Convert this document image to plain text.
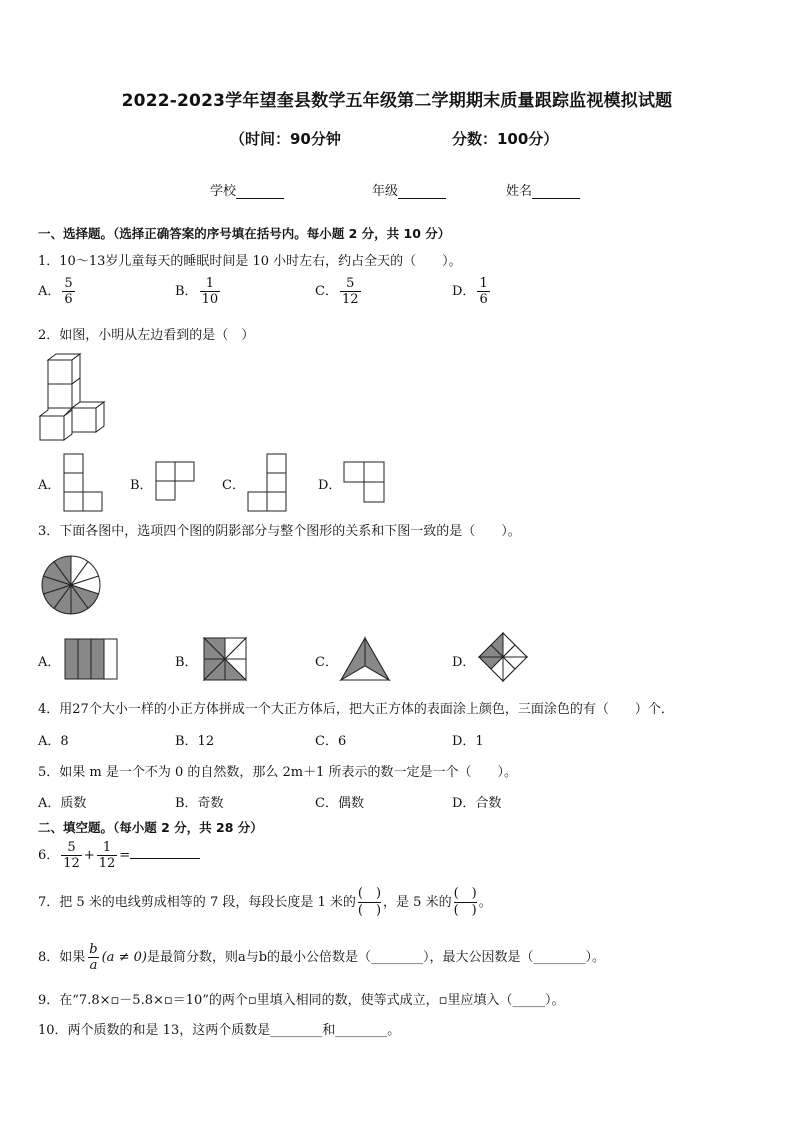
2022-2023学年望奎县数学五年级第二学期期末质量跟踪监视模拟试题
（时间：90分钟	分数：100分）
学校	年级	姓名
一、选择题。（选择正确答案的序号填在括号内。每小题 2 分，共 10 分）
1．10～13岁儿童每天的睡眠时间是 10 小时左右，约占全天的（　　）。
A． $\frac{5}{6}$	B． $\frac{1}{10}$	C． $\frac{5}{12}$	D． $\frac{1}{6}$
2．如图，小明从左边看到的是（　）
A．	B．	C．	D．
3．下面各图中，选项四个图的阴影部分与整个图形的关系和下图一致的是（　　）。
A．	B．	C．	D．
4．用27个大小一样的小正方体拼成一个大正方体后，把大正方体的表面涂上颜色，三面涂色的有（　　）个．
A．8	B．12	C．6	D．1
5．如果 m 是一个不为 0 的自然数，那么 2m＋1 所表示的数一定是一个（　　）。
A．质数	B．奇数	C．偶数	D．合数
二、填空题。（每小题 2 分，共 28 分）
6． $\frac{5}{12} + \frac{1}{12}$ =
7．把 5 米的电线剪成相等的 7 段，每段长度是 1 米的
(　)
(　)
，是 5 米的
(　)
(　)
。
8．如果 $\frac{b}{a} (a \ne 0)$是最简分数，则a与b的最小公倍数是（________），最大公因数是（________）。
9．在“7.8×▫－5.8×▫＝10”的两个▫里填入相同的数，使等式成立，▫里应填入（_____）。
10．两个质数的和是 13，这两个质数是________和________。
